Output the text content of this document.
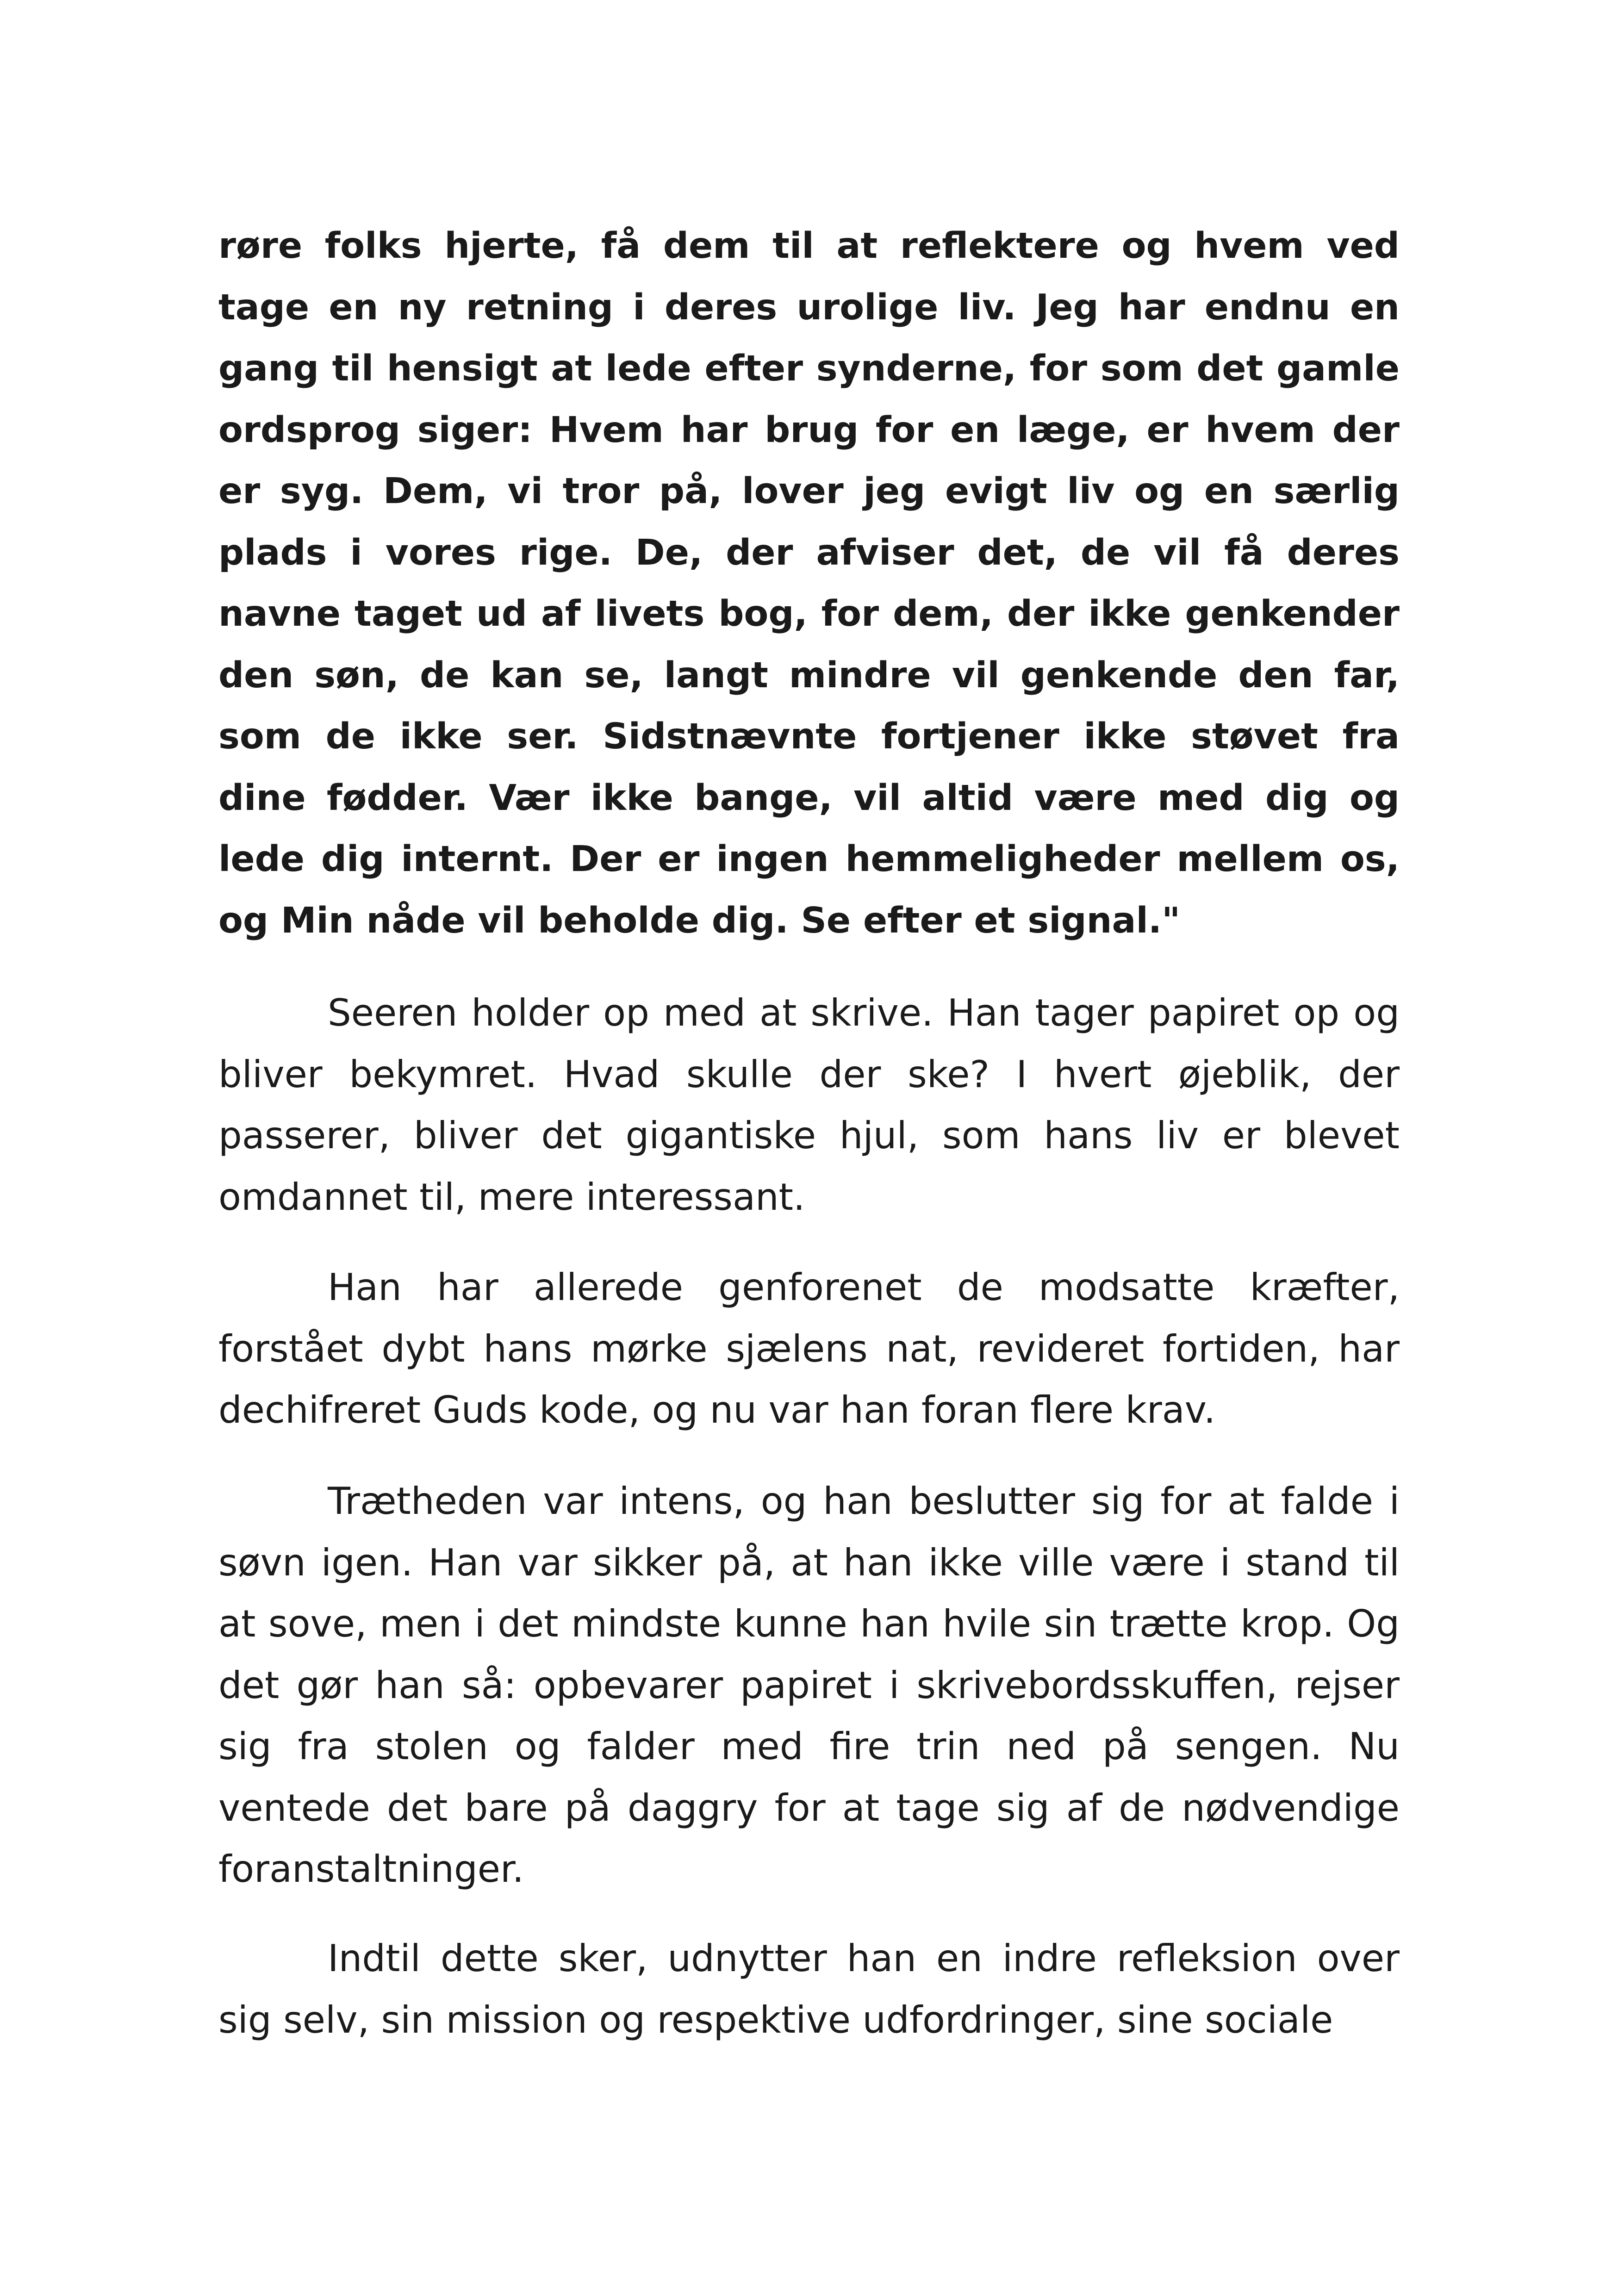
røre folks hjerte, få dem til at reflektere og hvem ved tage en ny retning i deres urolige liv. Jeg har endnu en gang til hensigt at lede efter synderne, for som det gamle ordsprog siger: Hvem har brug for en læge, er hvem der er syg. Dem, vi tror på, lover jeg evigt liv og en særlig plads i vores rige. De, der afviser det, de vil få deres navne taget ud af livets bog, for dem, der ikke genkender den søn, de kan se, langt mindre vil genkende den far, som de ikke ser. Sidstnævnte fortjener ikke støvet fra dine fødder. Vær ikke bange, vil altid være med dig og lede dig internt. Der er ingen hemmeligheder mellem os, og Min nåde vil beholde dig. Se efter et signal."

Seeren holder op med at skrive. Han tager papiret op og bliver bekymret. Hvad skulle der ske? I hvert øjeblik, der passerer, bliver det gigantiske hjul, som hans liv er blevet omdannet til, mere interessant.

Han har allerede genforenet de modsatte kræfter, forstået dybt hans mørke sjælens nat, revideret fortiden, har dechifreret Guds kode, og nu var han foran flere krav.

Trætheden var intens, og han beslutter sig for at falde i søvn igen. Han var sikker på, at han ikke ville være i stand til at sove, men i det mindste kunne han hvile sin trætte krop. Og det gør han så: opbevarer papiret i skrivebordsskuffen, rejser sig fra stolen og falder med fire trin ned på sengen. Nu ventede det bare på daggry for at tage sig af de nødvendige foranstaltninger.

Indtil dette sker, udnytter han en indre refleksion over sig selv, sin mission og respektive udfordringer, sine sociale
